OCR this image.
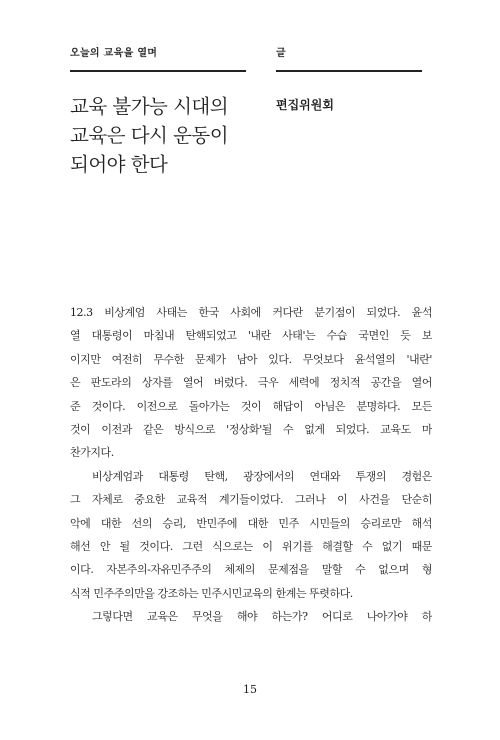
오늘의 교육을 열며	글
교육 불가능 시대의
교육은 다시 운동이
되어야 한다
편집위원회
12.3 비상계엄 사태는 한국 사회에 커다란 분기점이 되었다. 윤석
열 대통령이 마침내 탄핵되었고 '내란 사태'는 수습 국면인 듯 보
이지만 여전히 무수한 문제가 남아 있다. 무엇보다 윤석열의 '내란'
은 판도라의 상자를 열어 버렸다. 극우 세력에 정치적 공간을 열어
준 것이다. 이전으로 돌아가는 것이 해답이 아님은 분명하다. 모든
것이 이전과 같은 방식으로 '정상화'될 수 없게 되었다. 교육도 마
찬가지다.
비상계엄과 대통령 탄핵, 광장에서의 연대와 투쟁의 경험은
그 자체로 중요한 교육적 계기들이었다. 그러나 이 사건을 단순히
악에 대한 선의 승리, 반민주에 대한 민주 시민들의 승리로만 해석
해선 안 될 것이다. 그런 식으로는 이 위기를 해결할 수 없기 때문
이다. 자본주의-자유민주주의 체제의 문제점을 말할 수 없으며 형
식적 민주주의만을 강조하는 민주시민교육의 한계는 뚜렷하다.
그렇다면 교육은 무엇을 해야 하는가? 어디로 나아가야 하
15
